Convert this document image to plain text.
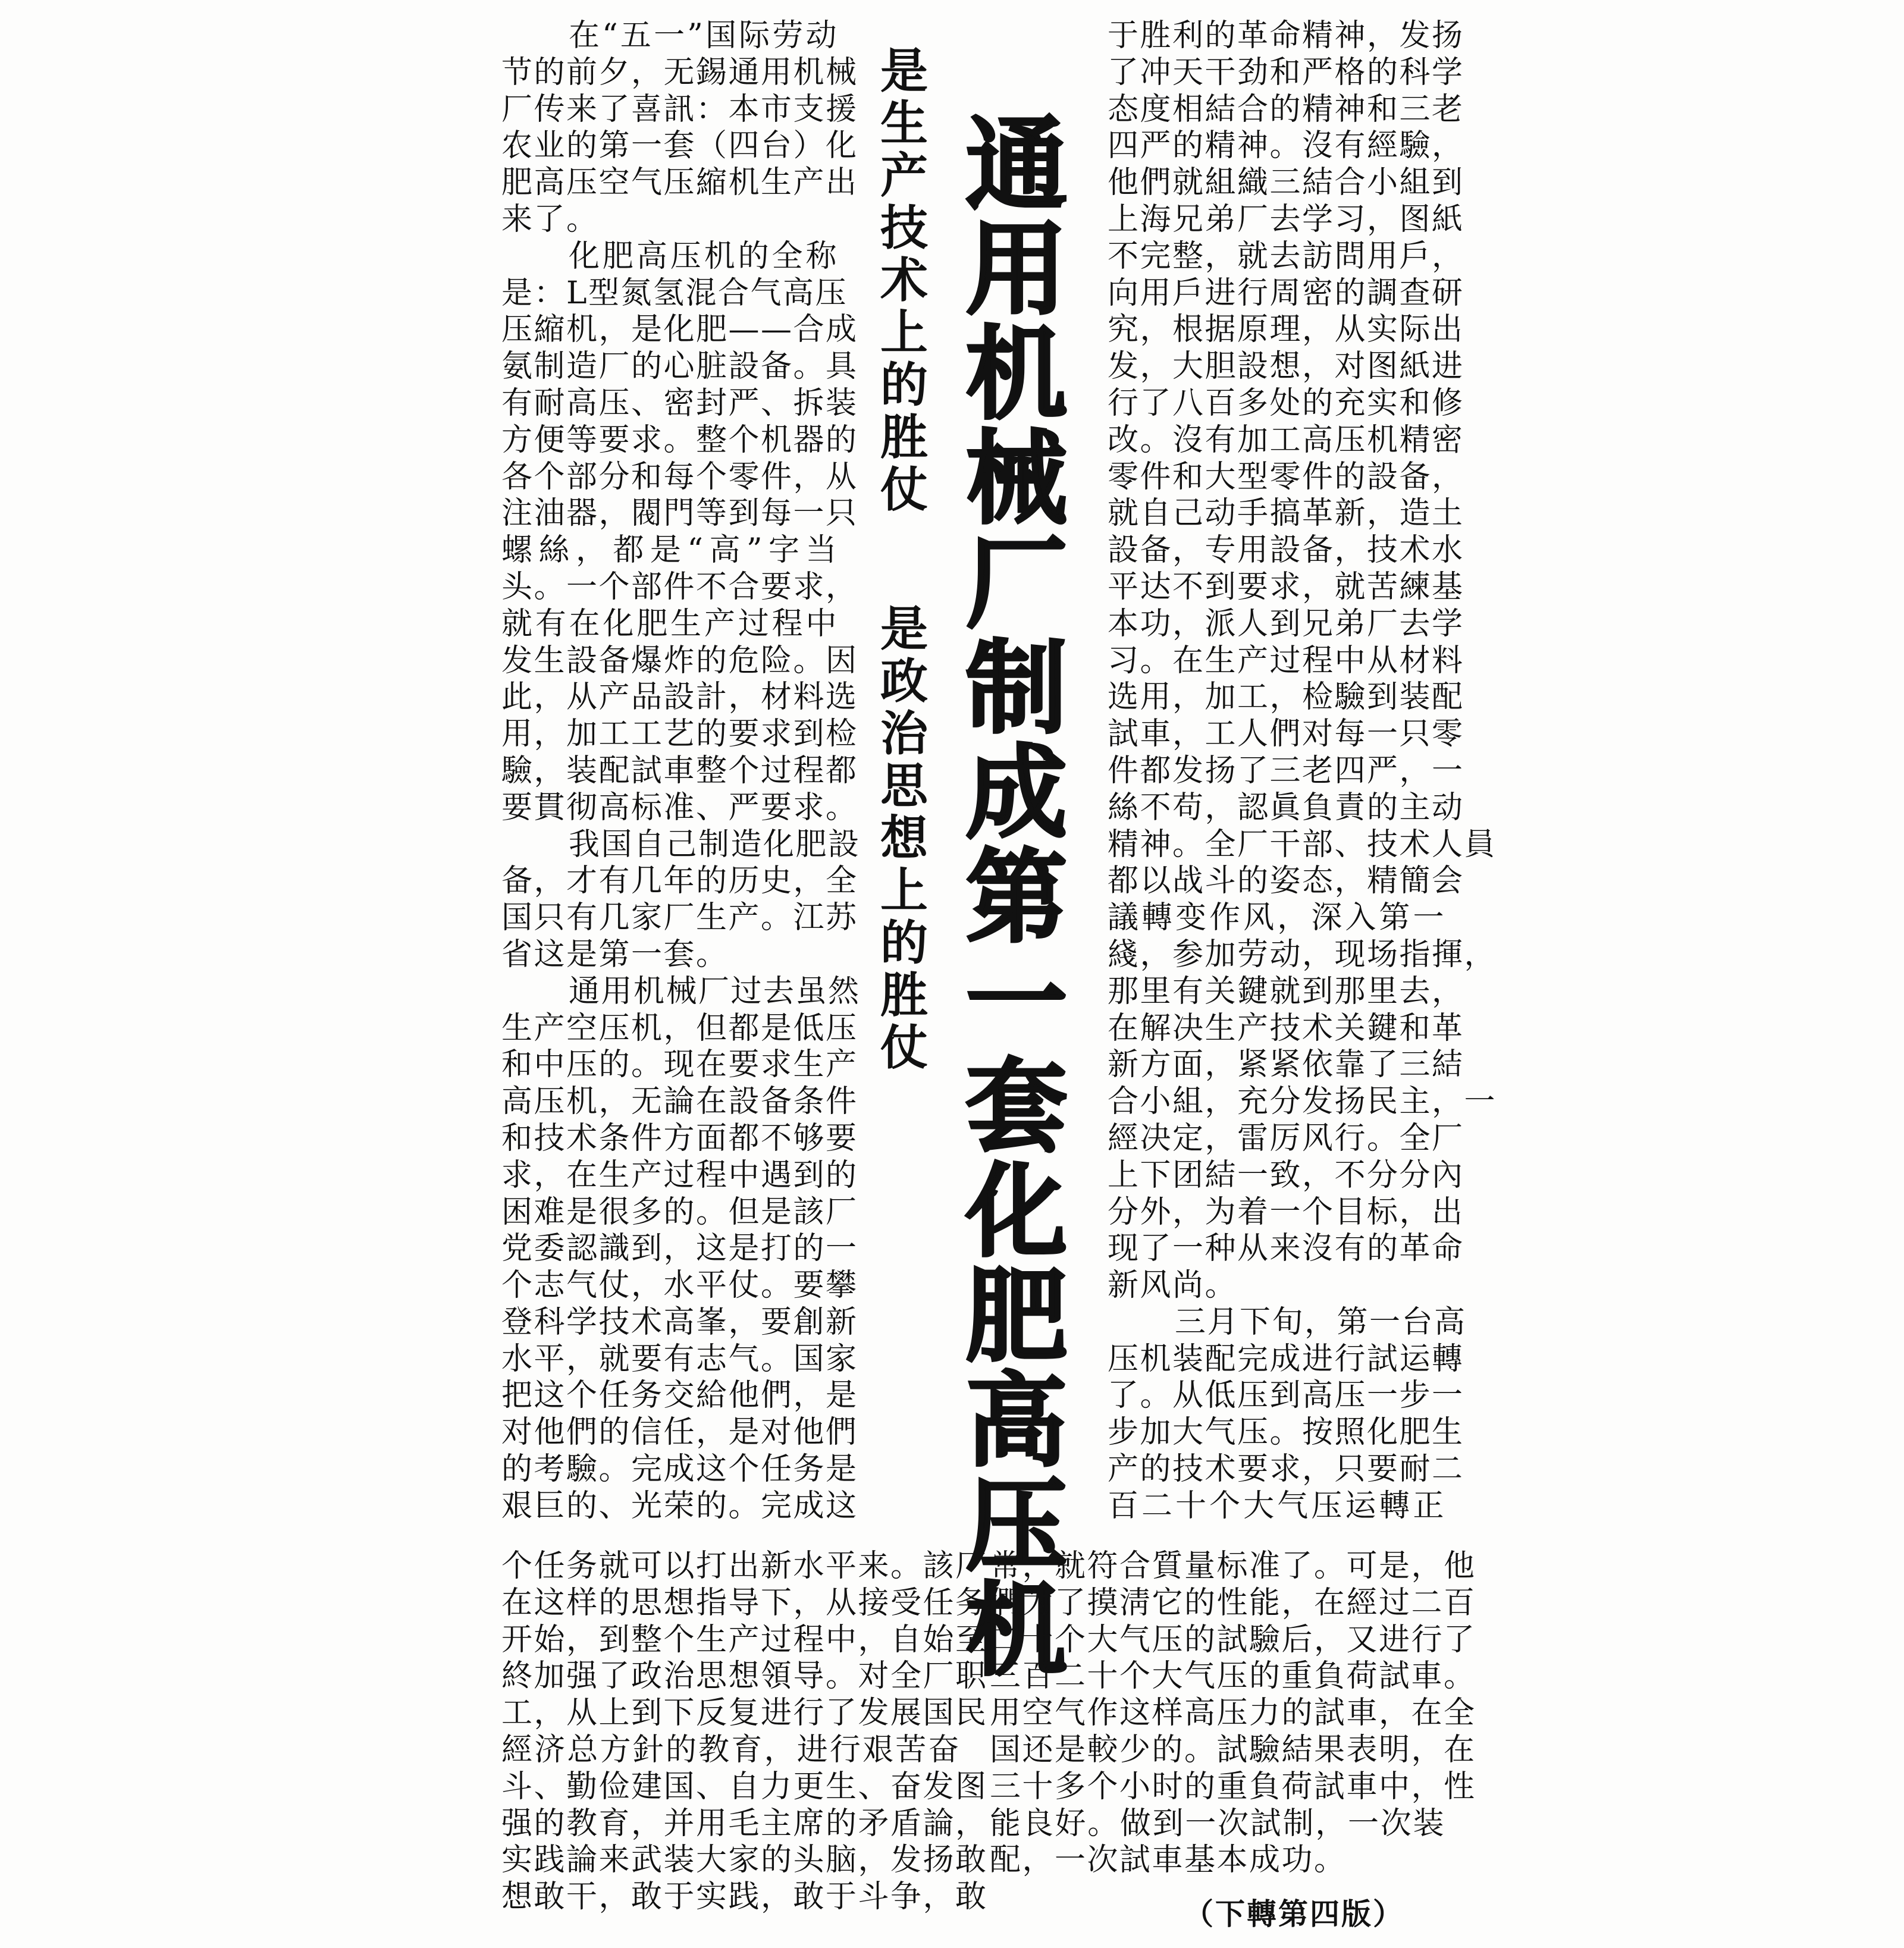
在“五一”国际劳动
节的前夕，无錫通用机械
厂传来了喜訊：本市支援
农业的第一套（四台）化
肥高压空气压縮机生产出
来了。
化肥高压机的全称
是：L型氮氢混合气高压
压縮机，是化肥——合成
氨制造厂的心脏設备。具
有耐高压、密封严、拆装
方便等要求。整个机器的
各个部分和每个零件，从
注油器，閥門等到每一只
螺絲，都是“高”字当
头。一个部件不合要求，
就有在化肥生产过程中
发生設备爆炸的危险。因
此，从产品設計，材料选
用，加工工艺的要求到检
驗，装配試車整个过程都
要貫彻高标准、严要求。
我国自己制造化肥設
备，才有几年的历史，全
国只有几家厂生产。江苏
省这是第一套。
通用机械厂过去虽然
生产空压机，但都是低压
和中压的。现在要求生产
高压机，无論在設备条件
和技术条件方面都不够要
求，在生产过程中遇到的
困难是很多的。但是該厂
党委認識到，这是打的一
个志气仗，水平仗。要攀
登科学技术高峯，要創新
水平，就要有志气。国家
把这个任务交給他們，是
对他們的信任，是对他們
的考驗。完成这个任务是
艰巨的、光荣的。完成这
是
生
产
技
术
上
的
胜
仗
是
政
治
思
想
上
的
胜
仗
通
用
机
械
厂
制
成
第
一
套
化
肥
高
压
机
于胜利的革命精神，发扬
了冲天干劲和严格的科学
态度相結合的精神和三老
四严的精神。沒有經驗，
他們就組織三結合小組到
上海兄弟厂去学习，图紙
不完整，就去訪問用戶，
向用戶进行周密的調查研
究，根据原理，从实际出
发，大胆設想，对图紙进
行了八百多处的充实和修
改。沒有加工高压机精密
零件和大型零件的設备，
就自己动手搞革新，造土
設备，专用設备，技术水
平达不到要求，就苦練基
本功，派人到兄弟厂去学
习。在生产过程中从材料
选用，加工，检驗到装配
試車，工人們对每一只零
件都发扬了三老四严，一
絲不苟，認眞負責的主动
精神。全厂干部、技术人員
都以战斗的姿态，精簡会
議轉变作风，深入第一
綫，参加劳动，现场指揮，
那里有关鍵就到那里去，
在解决生产技术关鍵和革
新方面，紧紧依靠了三結
合小組，充分发扬民主，一
經决定，雷厉风行。全厂
上下团結一致，不分分內
分外，为着一个目标，出
现了一种从来沒有的革命
新风尚。
三月下旬，第一台高
压机装配完成进行試运轉
了。从低压到高压一步一
步加大气压。按照化肥生
产的技术要求，只要耐二
百二十个大气压运轉正
个任务就可以打出新水平来。該厂
在这样的思想指导下，从接受任务
开始，到整个生产过程中，自始至
終加强了政治思想領导。对全厂职
工，从上到下反复进行了发展国民
經济总方針的教育，进行艰苦奋
斗、勤俭建国、自力更生、奋发图
强的教育，并用毛主席的矛盾論，
实践論来武装大家的头脑，发扬敢
想敢干，敢于实践，敢于斗争，敢
常，就符合質量标准了。可是，他
們为了摸淸它的性能，在經过二百
二十个大气压的試驗后，又进行了
三百二十个大气压的重負荷試車。
用空气作这样高压力的試車，在全
国还是較少的。試驗結果表明，在
三十多个小时的重負荷試車中，性
能良好。做到一次試制，一次装
配，一次試車基本成功。
（下轉第四版）
